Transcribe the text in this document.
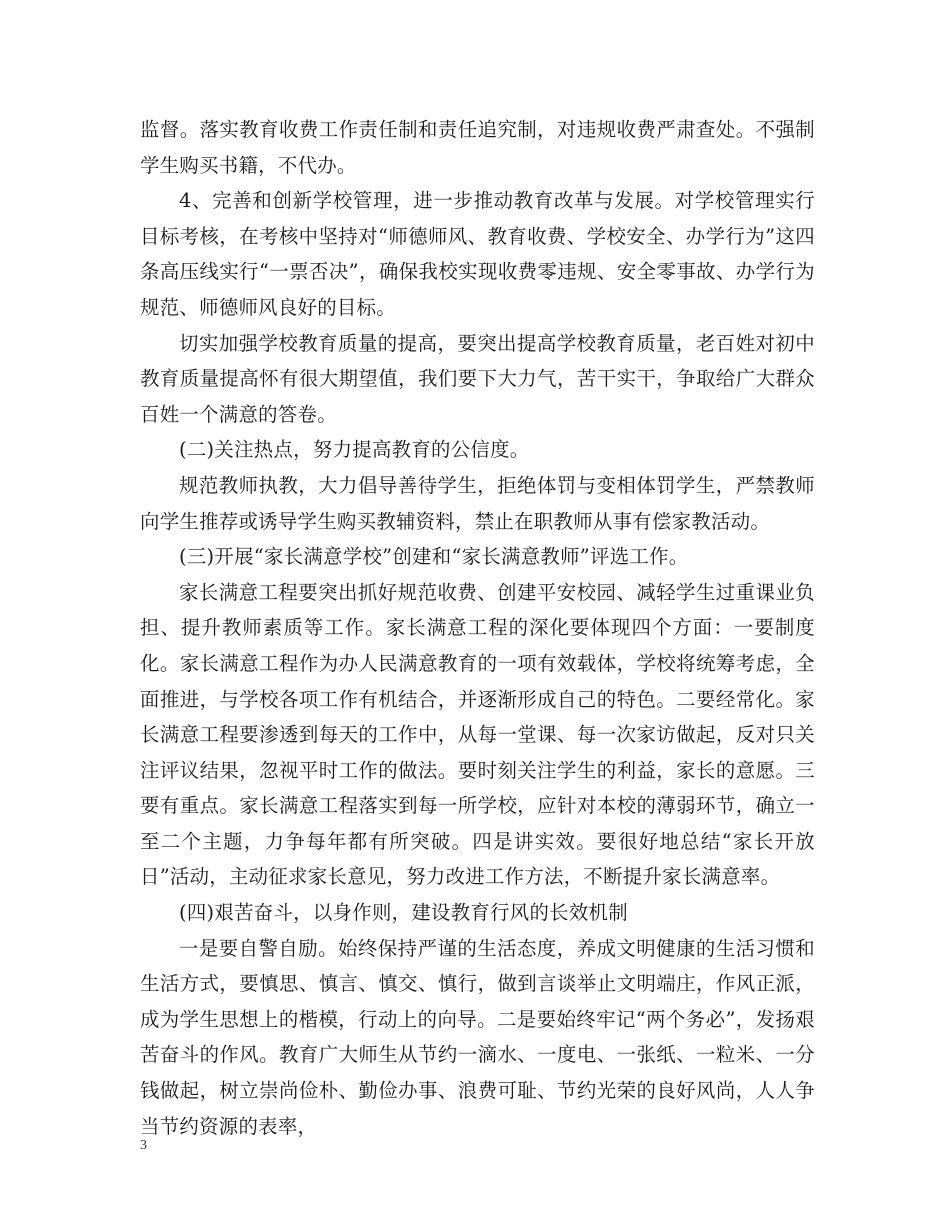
监督。落实教育收费工作责任制和责任追究制，对违规收费严肃查处。不强制学生购买书籍，不代办。

4、完善和创新学校管理，进一步推动教育改革与发展。对学校管理实行目标考核，在考核中坚持对“师德师风、教育收费、学校安全、办学行为”这四条高压线实行“一票否决”，确保我校实现收费零违规、安全零事故、办学行为规范、师德师风良好的目标。

切实加强学校教育质量的提高，要突出提高学校教育质量，老百姓对初中教育质量提高怀有很大期望值，我们要下大力气，苦干实干，争取给广大群众百姓一个满意的答卷。

(二)关注热点，努力提高教育的公信度。

规范教师执教，大力倡导善待学生，拒绝体罚与变相体罚学生，严禁教师向学生推荐或诱导学生购买教辅资料，禁止在职教师从事有偿家教活动。

(三)开展“家长满意学校”创建和“家长满意教师”评选工作。

家长满意工程要突出抓好规范收费、创建平安校园、减轻学生过重课业负担、提升教师素质等工作。家长满意工程的深化要体现四个方面：一要制度化。家长满意工程作为办人民满意教育的一项有效载体，学校将统筹考虑，全面推进，与学校各项工作有机结合，并逐渐形成自己的特色。二要经常化。家长满意工程要渗透到每天的工作中，从每一堂课、每一次家访做起，反对只关注评议结果，忽视平时工作的做法。要时刻关注学生的利益，家长的意愿。三要有重点。家长满意工程落实到每一所学校，应针对本校的薄弱环节，确立一至二个主题，力争每年都有所突破。四是讲实效。要很好地总结“家长开放日”活动，主动征求家长意见，努力改进工作方法，不断提升家长满意率。

(四)艰苦奋斗，以身作则，建设教育行风的长效机制

一是要自警自励。始终保持严谨的生活态度，养成文明健康的生活习惯和生活方式，要慎思、慎言、慎交、慎行，做到言谈举止文明端庄，作风正派，成为学生思想上的楷模，行动上的向导。二是要始终牢记“两个务必”，发扬艰苦奋斗的作风。教育广大师生从节约一滴水、一度电、一张纸、一粒米、一分钱做起，树立崇尚俭朴、勤俭办事、浪费可耻、节约光荣的良好风尚，人人争当节约资源的表率，

3
